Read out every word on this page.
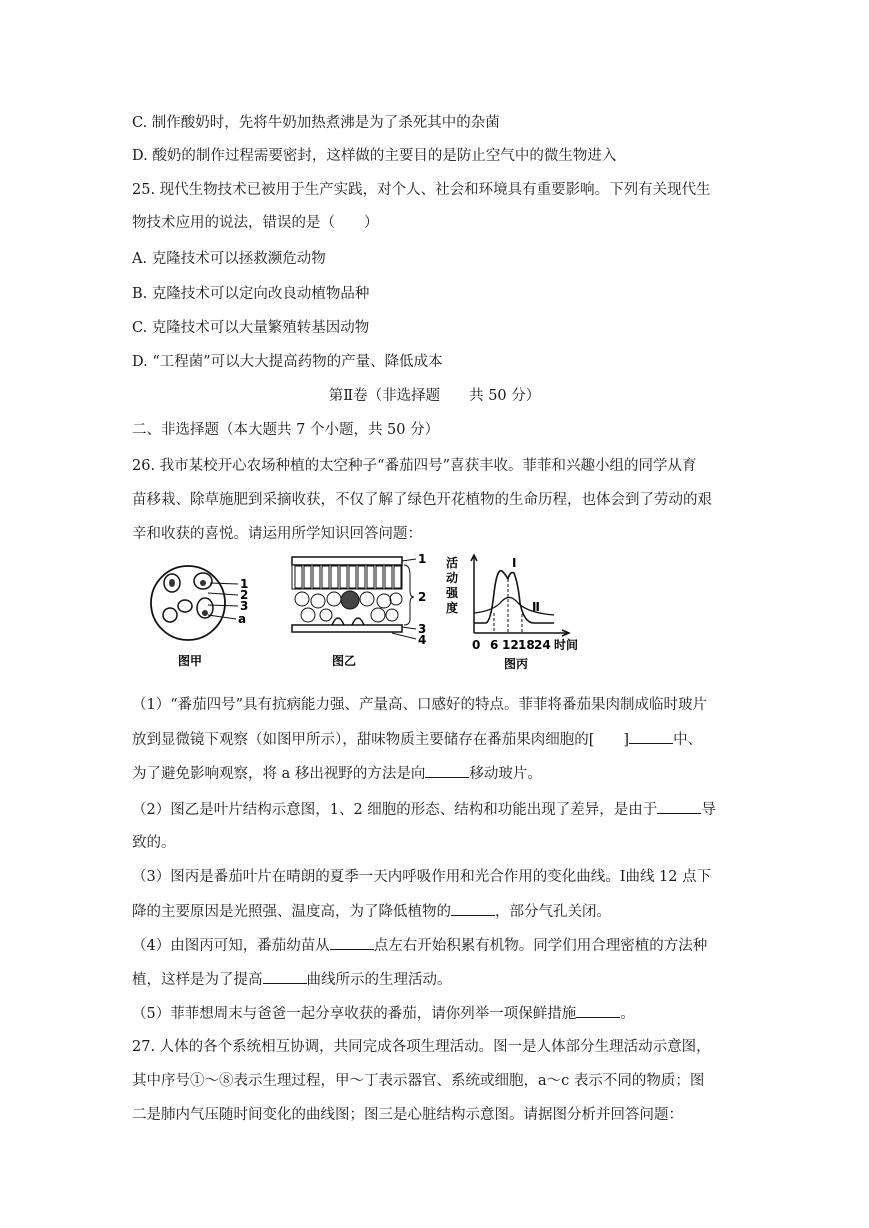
C. 制作酸奶时，先将牛奶加热煮沸是为了杀死其中的杂菌
D. 酸奶的制作过程需要密封，这样做的主要目的是防止空气中的微生物进入
25. 现代生物技术已被用于生产实践，对个人、社会和环境具有重要影响。下列有关现代生
物技术应用的说法，错误的是（　　）
A. 克隆技术可以拯救濒危动物
B. 克隆技术可以定向改良动植物品种
C. 克隆技术可以大量繁殖转基因动物
D. “工程菌”可以大大提高药物的产量、降低成本
第Ⅱ卷（非选择题　　共 50 分）
二、非选择题（本大题共 7 个小题，共 50 分）
26. 我市某校开心农场种植的太空种子“番茄四号”喜获丰收。菲菲和兴趣小组的同学从育
苗移栽、除草施肥到采摘收获，不仅了解了绿色开花植物的生命历程，也体会到了劳动的艰
辛和收获的喜悦。请运用所学知识回答问题：
1
2
3
a
图甲
1
2
3
4
图乙
活
动
强
度
Ⅰ
Ⅱ
0 6 12 18 24 时间
图丙
（1）“番茄四号”具有抗病能力强、产量高、口感好的特点。菲菲将番茄果肉制成临时玻片
放到显微镜下观察（如图甲所示），甜味物质主要储存在番茄果肉细胞的[　　]	中、
为了避免影响观察，将 a 移出视野的方法是向	移动玻片。
（2）图乙是叶片结构示意图，1、2 细胞的形态、结构和功能出现了差异，是由于	导
致的。
（3）图丙是番茄叶片在晴朗的夏季一天内呼吸作用和光合作用的变化曲线。Ⅰ曲线 12 点下
降的主要原因是光照强、温度高，为了降低植物的	，部分气孔关闭。
（4）由图丙可知，番茄幼苗从	点左右开始积累有机物。同学们用合理密植的方法种
植，这样是为了提高	曲线所示的生理活动。
（5）菲菲想周末与爸爸一起分享收获的番茄，请你列举一项保鲜措施	。
27. 人体的各个系统相互协调，共同完成各项生理活动。图一是人体部分生理活动示意图，
其中序号①～⑧表示生理过程，甲～丁表示器官、系统或细胞，a～c 表示不同的物质；图
二是肺内气压随时间变化的曲线图；图三是心脏结构示意图。请据图分析并回答问题：
